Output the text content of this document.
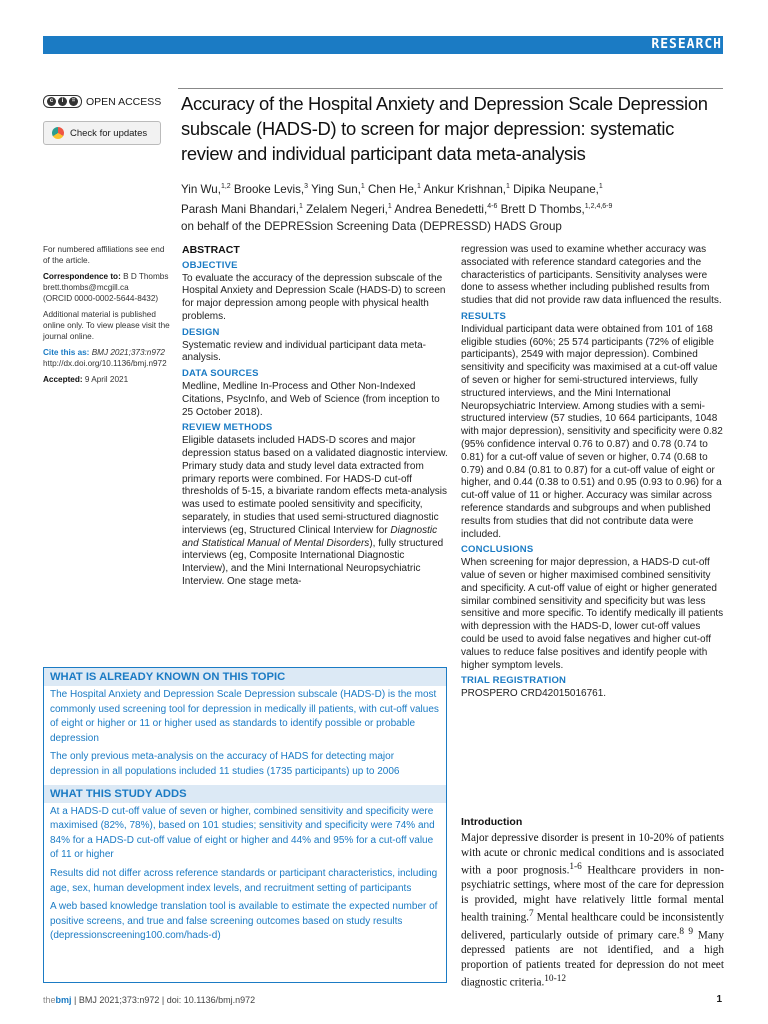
RESEARCH
c	i	= OPEN ACCESS
Check for updates
Accuracy of the Hospital Anxiety and Depression Scale Depression subscale (HADS-D) to screen for major depression: systematic review and individual participant data meta-analysis
Yin Wu,$^{1,2}$ Brooke Levis,$^3$ Ying Sun,$^1$ Chen He,$^1$ Ankur Krishnan,$^1$ Dipika Neupane,$^1$
Parash Mani Bhandari,$^1$ Zelalem Negeri,$^1$ Andrea Benedetti,$^{4-6}$ Brett D Thombs,$^{1,2,4,6-9}$
on behalf of the DEPRESsion Screening Data (DEPRESSD) HADS Group

For numbered affiliations see end of the article.

Correspondence to: B D Thombs
brett.thombs@mcgill.ca
(ORCID 0000-0002-5644-8432)

Additional material is published online only. To view please visit the journal online.

Cite this as: BMJ 2021;373:n972
http://dx.doi.org/10.1136/bmj.n972

Accepted: 9 April 2021

ABSTRACT

OBJECTIVE

To evaluate the accuracy of the depression subscale of the Hospital Anxiety and Depression Scale (HADS-D) to screen for major depression among people with physical health problems.

DESIGN

Systematic review and individual participant data meta-analysis.

DATA SOURCES

Medline, Medline In-Process and Other Non-Indexed Citations, PsycInfo, and Web of Science (from inception to 25 October 2018).

REVIEW METHODS

Eligible datasets included HADS-D scores and major depression status based on a validated diagnostic interview. Primary study data and study level data extracted from primary reports were combined. For HADS-D cut-off thresholds of 5-15, a bivariate random effects meta-analysis was used to estimate pooled sensitivity and specificity, separately, in studies that used semi-structured diagnostic interviews (eg, Structured Clinical Interview for Diagnostic and Statistical Manual of Mental Disorders), fully structured interviews (eg, Composite International Diagnostic Interview), and the Mini International Neuropsychiatric Interview. One stage meta-

regression was used to examine whether accuracy was associated with reference standard categories and the characteristics of participants. Sensitivity analyses were done to assess whether including published results from studies that did not provide raw data influenced the results.

RESULTS

Individual participant data were obtained from 101 of 168 eligible studies (60%; 25 574 participants (72% of eligible participants), 2549 with major depression). Combined sensitivity and specificity was maximised at a cut-off value of seven or higher for semi-structured interviews, fully structured interviews, and the Mini International Neuropsychiatric Interview. Among studies with a semi-structured interview (57 studies, 10 664 participants, 1048 with major depression), sensitivity and specificity were 0.82 (95% confidence interval 0.76 to 0.87) and 0.78 (0.74 to 0.81) for a cut-off value of seven or higher, 0.74 (0.68 to 0.79) and 0.84 (0.81 to 0.87) for a cut-off value of eight or higher, and 0.44 (0.38 to 0.51) and 0.95 (0.93 to 0.96) for a cut-off value of 11 or higher. Accuracy was similar across reference standards and subgroups and when published results from studies that did not contribute data were included.

CONCLUSIONS

When screening for major depression, a HADS-D cut-off value of seven or higher maximised combined sensitivity and specificity. A cut-off value of eight or higher generated similar combined sensitivity and specificity but was less sensitive and more specific. To identify medically ill patients with depression with the HADS-D, lower cut-off values could be used to avoid false negatives and higher cut-off values to reduce false positives and identify people with higher symptom levels.

TRIAL REGISTRATION

PROSPERO CRD42015016761.

WHAT IS ALREADY KNOWN ON THIS TOPIC
The Hospital Anxiety and Depression Scale Depression subscale (HADS-D) is the most commonly used screening tool for depression in medically ill patients, with cut-off values of eight or higher or 11 or higher used as standards to identify possible or probable depression
The only previous meta-analysis on the accuracy of HADS for detecting major depression in all populations included 11 studies (1735 participants) up to 2006
WHAT THIS STUDY ADDS
At a HADS-D cut-off value of seven or higher, combined sensitivity and specificity were maximised (82%, 78%), based on 101 studies; sensitivity and specificity were 74% and 84% for a HADS-D cut-off value of eight or higher and 44% and 95% for a cut-off value of 11 or higher
Results did not differ across reference standards or participant characteristics, including age, sex, human development index levels, and recruitment setting of participants
A web based knowledge translation tool is available to estimate the expected number of positive screens, and true and false screening outcomes based on study results (depressionscreening100.com/hads-d)
Introduction
Major depressive disorder is present in 10-20% of patients with acute or chronic medical conditions and is associated with a poor prognosis.$^{1-6}$ Healthcare providers in non-psychiatric settings, where most of the care for depression is provided, might have relatively little formal mental health training.$^7$ Mental healthcare could be inconsistently delivered, particularly outside of primary care.$^{8 9}$ Many depressed patients are not identified, and a high proportion of patients treated for depression do not meet diagnostic criteria.$^{10-12}$
thebmj | BMJ 2021;373:n972 | doi: 10.1136/bmj.n972	1
